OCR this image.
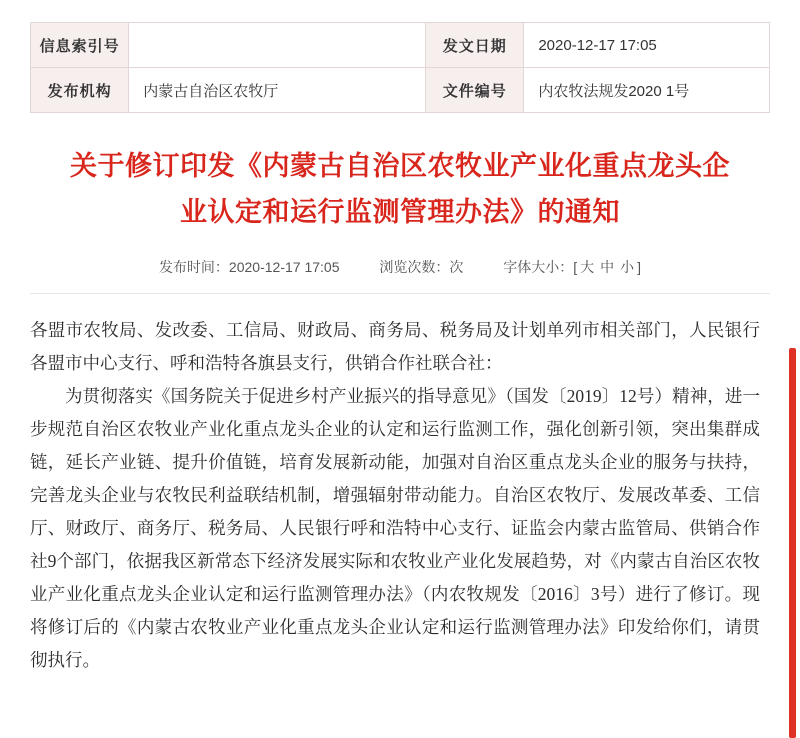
信息索引号		发文日期	2020-12-17 17:05
发布机构	内蒙古自治区农牧厅	文件编号	内农牧法规发2020 1号
关于修订印发《内蒙古自治区农牧业产业化重点龙头企业认定和运行监测管理办法》的通知
发布时间：2020-12-17 17:05	浏览次数：次	字体大小：[ 大 中 小 ]

各盟市农牧局、发改委、工信局、财政局、商务局、税务局及计划单列市相关部门，人民银行各盟市中心支行、呼和浩特各旗县支行，供销合作社联合社：

为贯彻落实《国务院关于促进乡村产业振兴的指导意见》（国发〔2019〕12号）精神，进一步规范自治区农牧业产业化重点龙头企业的认定和运行监测工作，强化创新引领，突出集群成链，延长产业链、提升价值链，培育发展新动能，加强对自治区重点龙头企业的服务与扶持，完善龙头企业与农牧民利益联结机制，增强辐射带动能力。自治区农牧厅、发展改革委、工信厅、财政厅、商务厅、税务局、人民银行呼和浩特中心支行、证监会内蒙古监管局、供销合作社9个部门，依据我区新常态下经济发展实际和农牧业产业化发展趋势，对《内蒙古自治区农牧业产业化重点龙头企业认定和运行监测管理办法》（内农牧规发〔2016〕3号）进行了修订。现将修订后的《内蒙古农牧业产业化重点龙头企业认定和运行监测管理办法》印发给你们，请贯彻执行。
